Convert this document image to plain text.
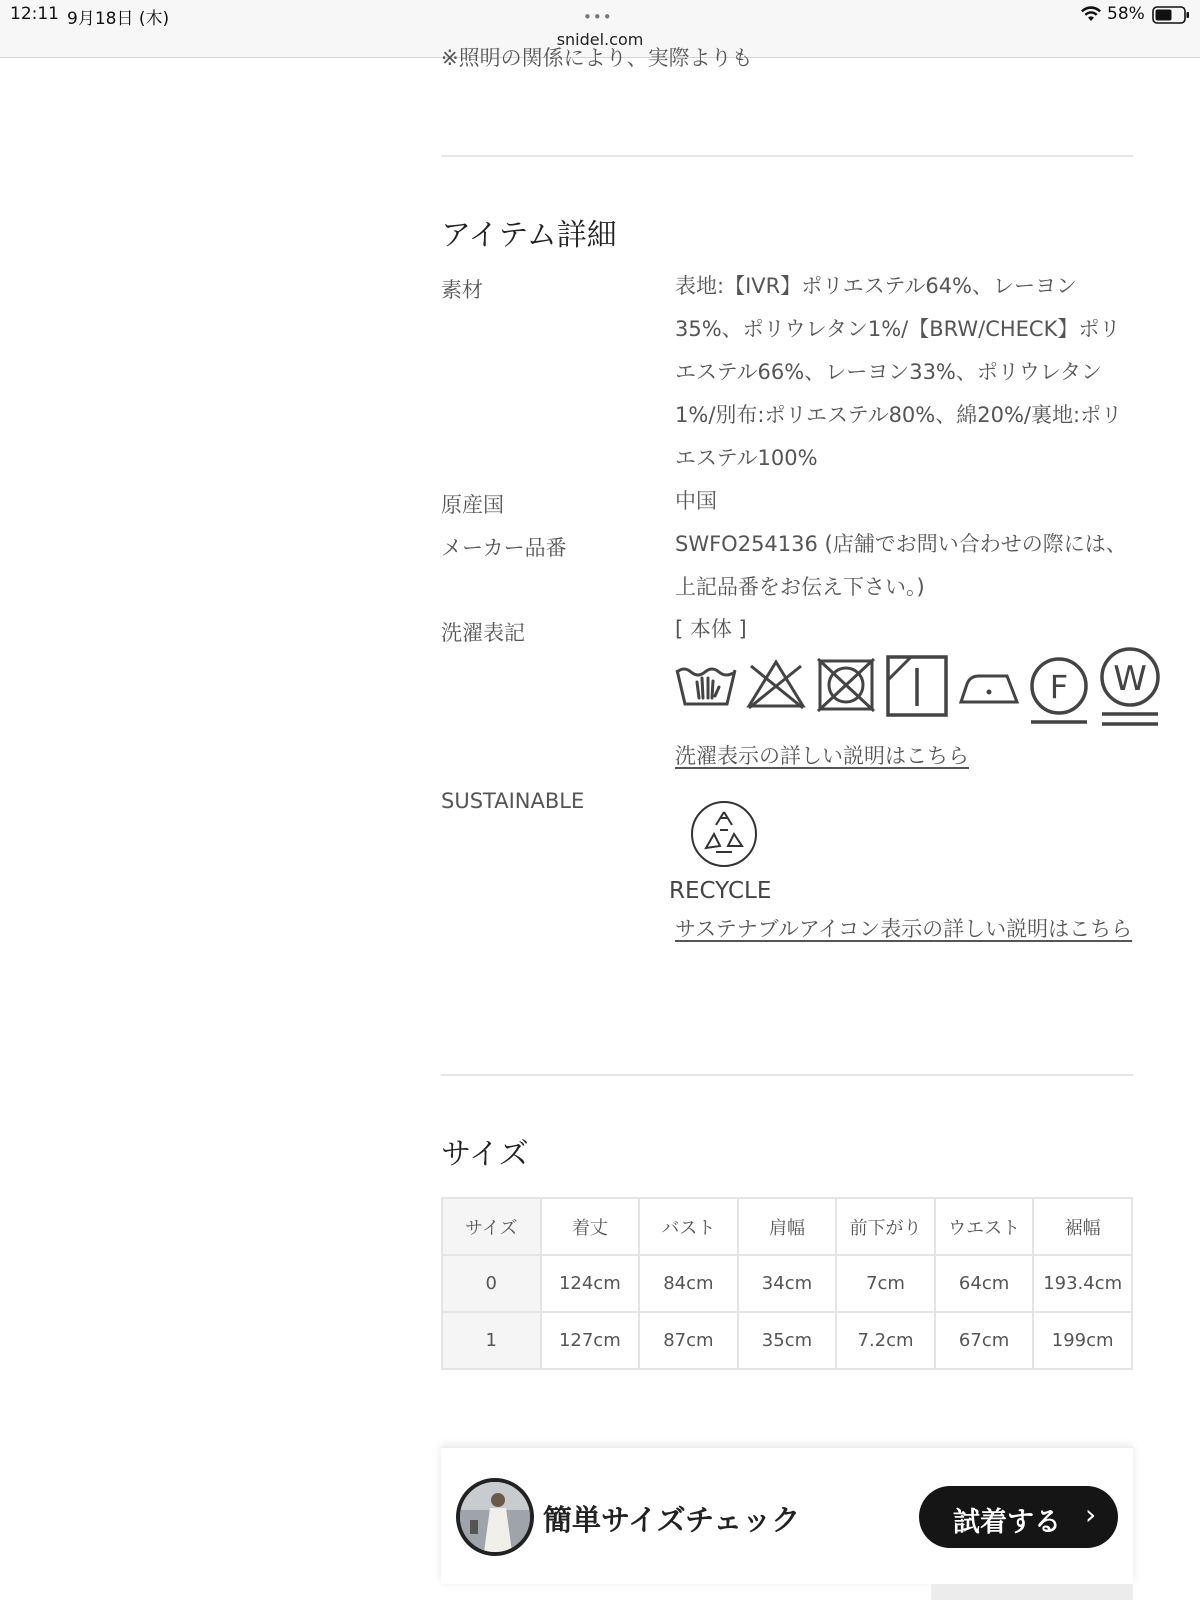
12:11 9月18日 (木)	•••
snidel.com
58%
※照明の関係により、実際よりも
アイテム詳細
素材	表地:【IVR】ポリエステル64%、レーヨン35%、ポリウレタン1%/【BRW/CHECK】ポリエステル66%、レーヨン33%、ポリウレタン1%/別布:ポリエステル80%、綿20%/裏地:ポリエステル100%
原産国	中国
メーカー品番	SWFO254136 (店舗でお問い合わせの際には、上記品番をお伝え下さい。)
洗濯表記	[ 本体 ]
F W
洗濯表示の詳しい説明はこちら
SUSTAINABLE
RECYCLE
サステナブルアイコン表示の詳しい説明はこちら
サイズ
サイズ	着丈	バスト	肩幅	前下がり	ウエスト	裾幅
0	124cm	84cm	34cm	7cm	64cm	193.4cm
1	127cm	87cm	35cm	7.2cm	67cm	199cm
簡単サイズチェック	試着する ›
